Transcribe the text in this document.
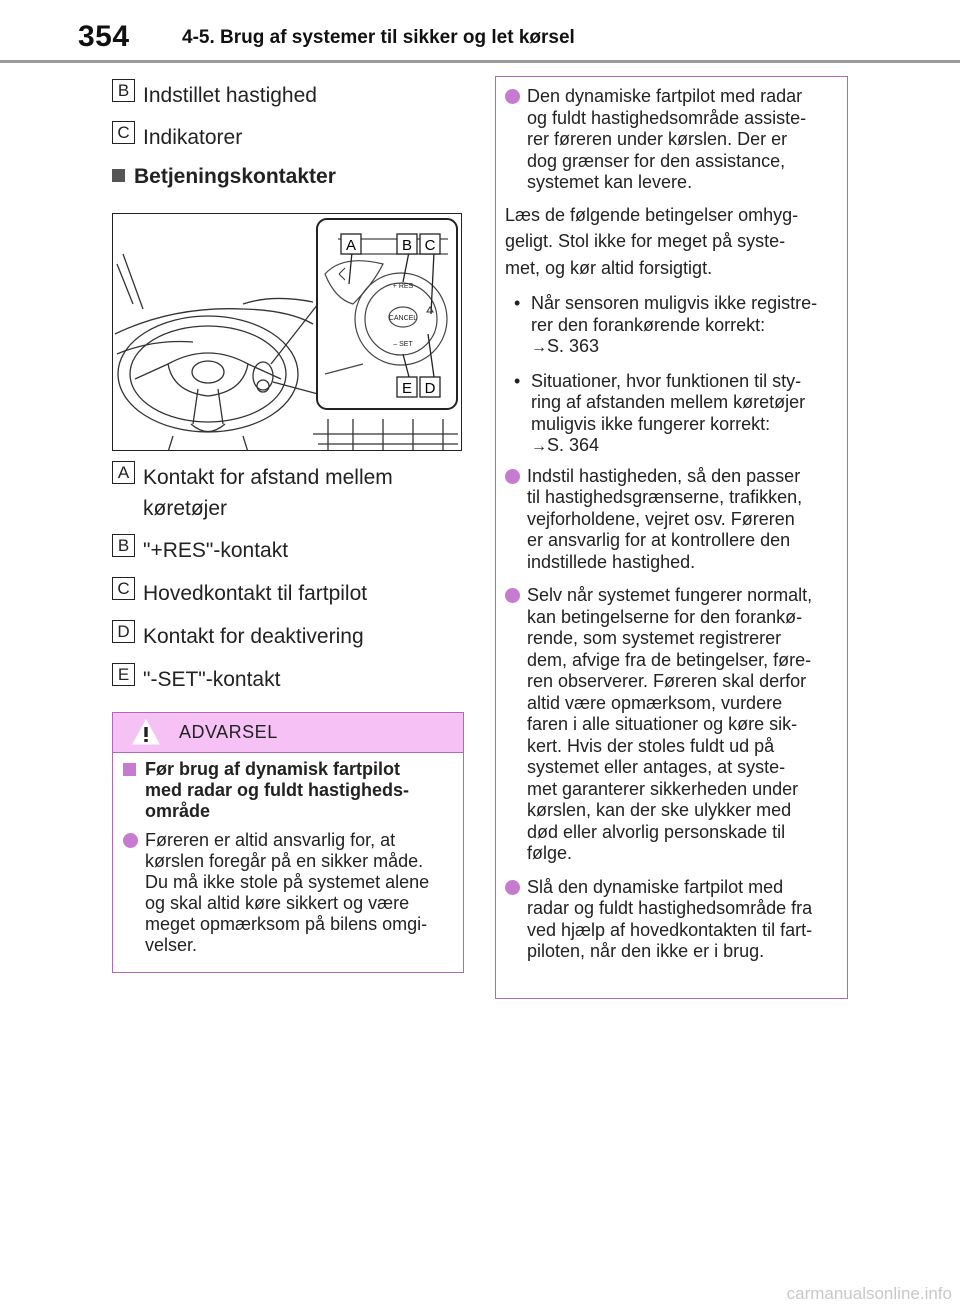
354	4-5. Brug af systemer til sikker og let kørsel
B Indstillet hastighed
C Indikatorer
Betjeningskontakter
A	B C
E D
+ RES
CANCEL
– SET
A Kontakt for afstand mellem
køretøjer
B "+RES"-kontakt
C Hovedkontakt til fartpilot
D Kontakt for deaktivering
E "-SET"-kontakt
ADVARSEL
Før brug af dynamisk fartpilot
med radar og fuldt hastigheds-
område
Føreren er altid ansvarlig for, at
kørslen foregår på en sikker måde.
Du må ikke stole på systemet alene
og skal altid køre sikkert og være
meget opmærksom på bilens omgi-
velser.
Den dynamiske fartpilot med radar
og fuldt hastighedsområde assiste-
rer føreren under kørslen. Der er
dog grænser for den assistance,
systemet kan levere.
Læs de følgende betingelser omhyg-
geligt. Stol ikke for meget på syste-
met, og kør altid forsigtigt.
• Når sensoren muligvis ikke registre-
rer den forankørende korrekt:
→S. 363
• Situationer, hvor funktionen til sty-
ring af afstanden mellem køretøjer
muligvis ikke fungerer korrekt:
→S. 364
Indstil hastigheden, så den passer
til hastighedsgrænserne, trafikken,
vejforholdene, vejret osv. Føreren
er ansvarlig for at kontrollere den
indstillede hastighed.
Selv når systemet fungerer normalt,
kan betingelserne for den forankø-
rende, som systemet registrerer
dem, afvige fra de betingelser, føre-
ren observerer. Føreren skal derfor
altid være opmærksom, vurdere
faren i alle situationer og køre sik-
kert. Hvis der stoles fuldt ud på
systemet eller antages, at syste-
met garanterer sikkerheden under
kørslen, kan der ske ulykker med
død eller alvorlig personskade til
følge.
Slå den dynamiske fartpilot med
radar og fuldt hastighedsområde fra
ved hjælp af hovedkontakten til fart-
piloten, når den ikke er i brug.
carmanualsonline.info
